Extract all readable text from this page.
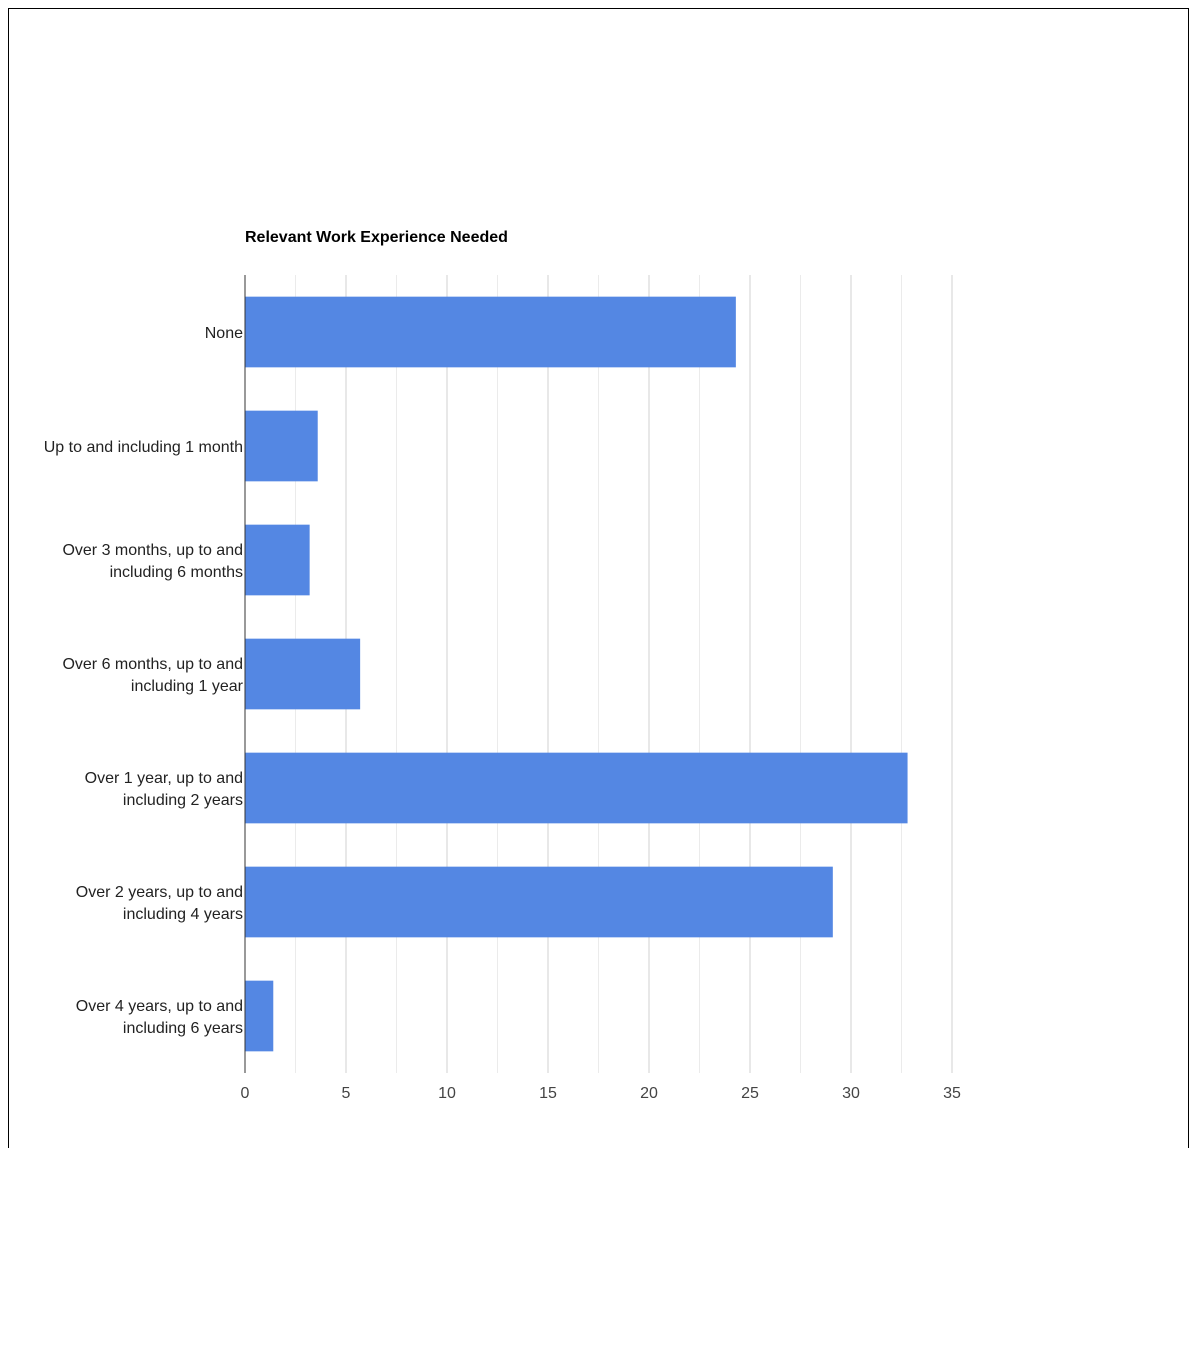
Relevant Work Experience Needed
None
Up to and including 1 month
Over 3 months, up to and including 6 months
Over 6 months, up to and including 1 year
Over 1 year, up to and including 2 years
Over 2 years, up to and including 4 years
Over 4 years, up to and including 6 years
0	5	10	15	20	25	30	35
